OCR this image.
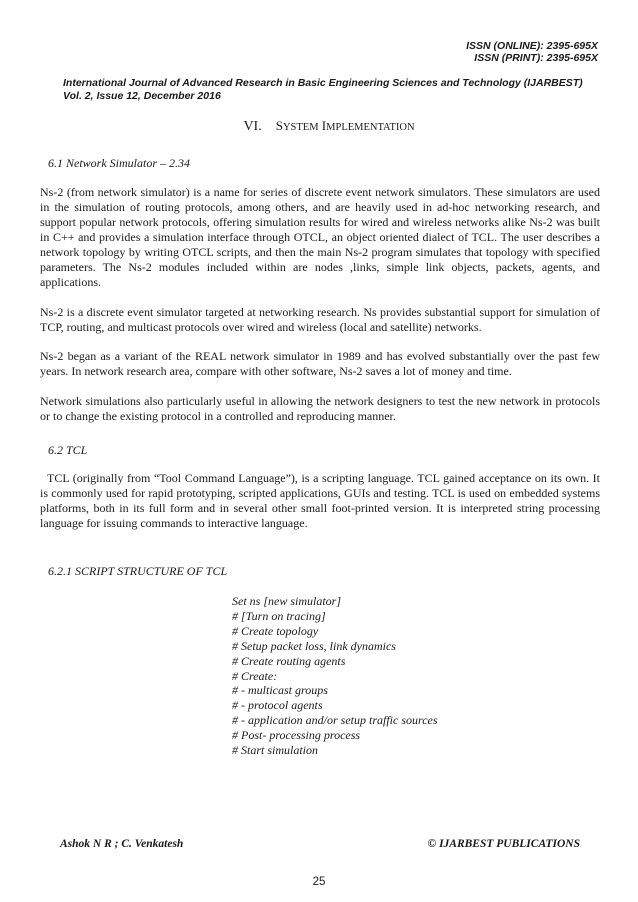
ISSN (ONLINE): 2395-695X
ISSN (PRINT): 2395-695X
International Journal of Advanced Research in Basic Engineering Sciences and Technology (IJARBEST)
Vol. 2, Issue 12, December 2016
VI. SYSTEM IMPLEMENTATION
6.1 Network Simulator – 2.34
Ns-2 (from network simulator) is a name for series of discrete event network simulators. These simulators are used in the simulation of routing protocols, among others, and are heavily used in ad-hoc networking research, and support popular network protocols, offering simulation results for wired and wireless networks alike Ns-2 was built in C++ and provides a simulation interface through OTCL, an object oriented dialect of TCL. The user describes a network topology by writing OTCL scripts, and then the main Ns-2 program simulates that topology with specified parameters. The Ns-2 modules included within are nodes ,links, simple link objects, packets, agents, and applications.
Ns-2 is a discrete event simulator targeted at networking research. Ns provides substantial support for simulation of TCP, routing, and multicast protocols over wired and wireless (local and satellite) networks.
Ns-2 began as a variant of the REAL network simulator in 1989 and has evolved substantially over the past few years. In network research area, compare with other software, Ns-2 saves a lot of money and time.
Network simulations also particularly useful in allowing the network designers to test the new network in protocols or to change the existing protocol in a controlled and reproducing manner.
6.2 TCL
TCL (originally from “Tool Command Language”), is a scripting language. TCL gained acceptance on its own. It is commonly used for rapid prototyping, scripted applications, GUIs and testing. TCL is used on embedded systems platforms, both in its full form and in several other small foot-printed version. It is interpreted string processing language for issuing commands to interactive language.
6.2.1 SCRIPT STRUCTURE OF TCL
Set ns [new simulator]
# [Turn on tracing]
# Create topology
# Setup packet loss, link dynamics
# Create routing agents
# Create:
# - multicast groups
# - protocol agents
# - application and/or setup traffic sources
# Post- processing process
# Start simulation
Ashok N R ; C. Venkatesh	© IJARBEST PUBLICATIONS
25
